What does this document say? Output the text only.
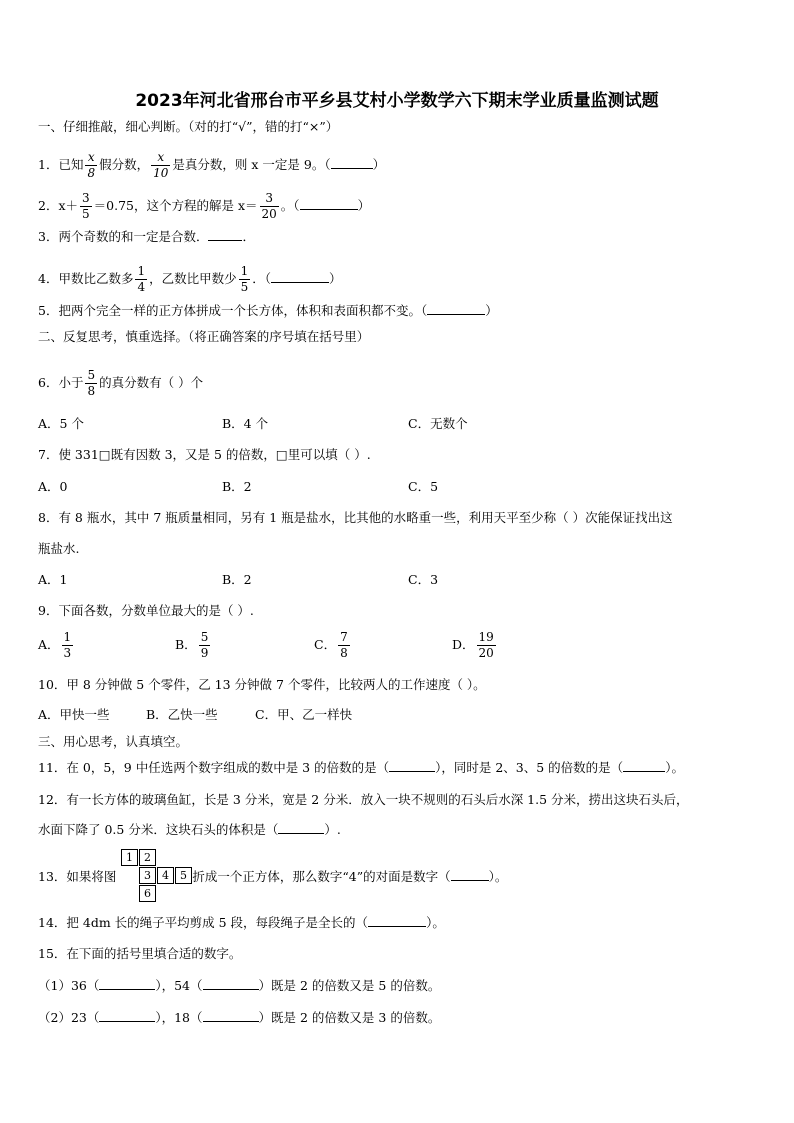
2023年河北省邢台市平乡县艾村小学数学六下期末学业质量监测试题
一、仔细推敲，细心判断。（对的打“√”，错的打“×”）
1．已知 $\frac{x}{8}$ 假分数， $\frac{x}{10}$ 是真分数，则 x 一定是 9。（	）
2．$x+ \frac{3}{5} =0.75$，这个方程的解是 $x= \frac{3}{20}$ 。（	）
3．两个奇数的和一定是合数．	．
4．甲数比乙数多 $\frac{1}{4}$ ，乙数比甲数少 $\frac{1}{5}$ ．（	）
5．把两个完全一样的正方体拼成一个长方体，体积和表面积都不变。（	）
二、反复思考，慎重选择。（将正确答案的序号填在括号里）
6．小于 $\frac{5}{8}$ 的真分数有（ ）个
A．5 个	B．4 个	C．无数个
7．使 331□既有因数 3，又是 5 的倍数，□里可以填（ ）.
A．0	B．2	C．5
8．有 8 瓶水，其中 7 瓶质量相同，另有 1 瓶是盐水，比其他的水略重一些，利用天平至少称（ ）次能保证找出这
瓶盐水.
A．1	B．2	C．3
9．下面各数，分数单位最大的是（ ）.
A． $\frac{1}{3}$	B． $\frac{5}{9}$	C． $\frac{7}{8}$	D． $\frac{19}{20}$
10．甲 8 分钟做 5 个零件，乙 13 分钟做 7 个零件，比较两人的工作速度（ ）。
A．甲快一些	B．乙快一些	C．甲、乙一样快
三、用心思考，认真填空。
11．在 0，5，9 中任选两个数字组成的数中是 3 的倍数的是（	），同时是 2、3、5 的倍数的是（	）。
12．有一长方体的玻璃鱼缸，长是 3 分米，宽是 2 分米．放入一块不规则的石头后水深 1.5 分米，捞出这块石头后，
水面下降了 0.5 分米．这块石头的体积是（	）.
13．如果将图	折成一个正方体，那么数字“4”的对面是数字（	）。
1	2
3	4	5
6
14．把 4dm 长的绳子平均剪成 5 段，每段绳子是全长的（	）。
15．在下面的括号里填合适的数字。
（1）36（	），54（	）既是 2 的倍数又是 5 的倍数。
（2）23（	），18（	）既是 2 的倍数又是 3 的倍数。
